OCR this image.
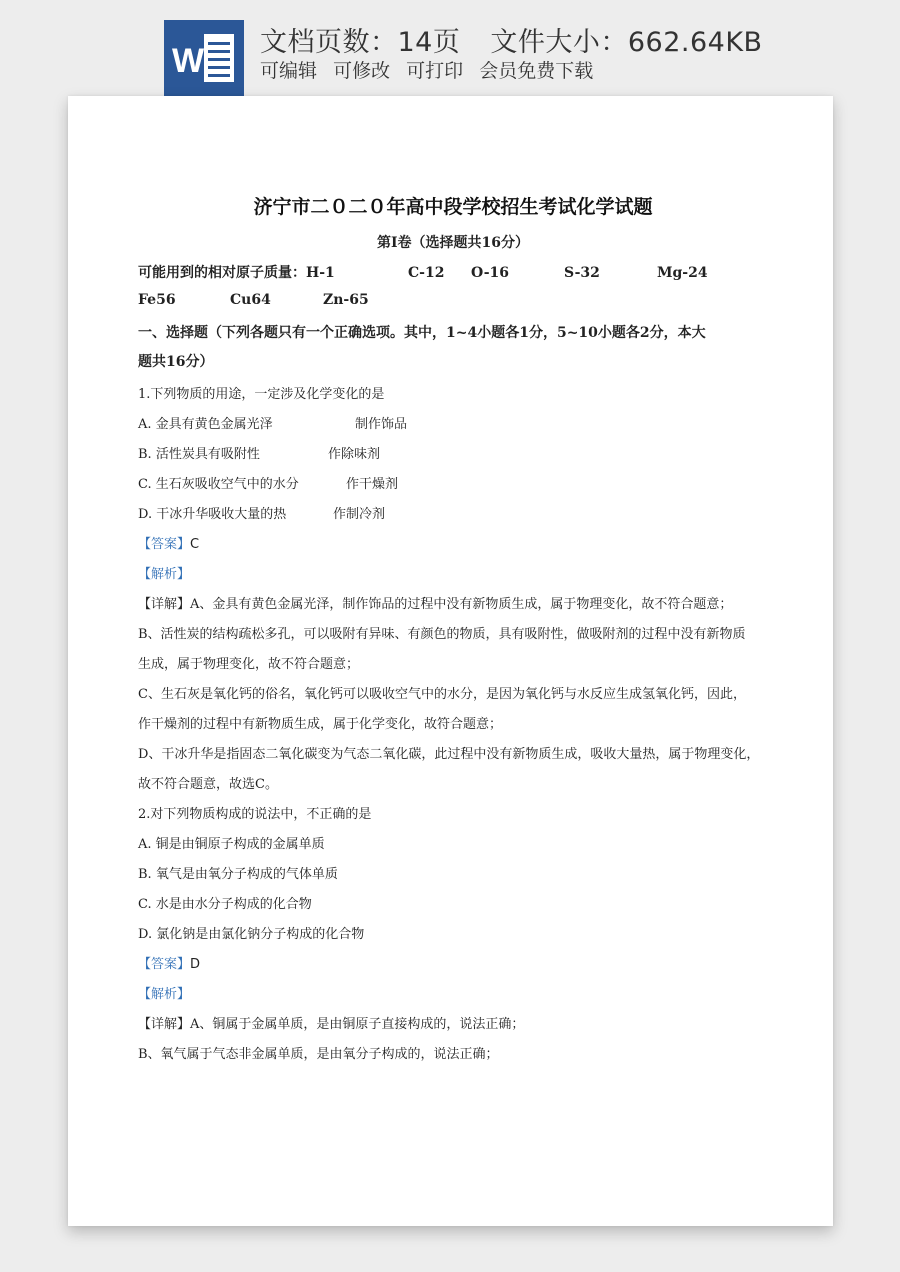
W 文档页数：14页 文件大小：662.64KB
可编辑 可修改 可打印 会员免费下载
济宁市二０二０年高中段学校招生考试化学试题
第Ⅰ卷（选择题共16分）
可能用到的相对原子质量：H-1	C-12 O-16	S-32	Mg-24
Fe56	Cu64	Zn-65
一、选择题（下列各题只有一个正确选项。其中，1~4小题各1分，5~10小题各2分，本大
题共16分）
1.下列物质的用途，一定涉及化学变化的是
A. 金具有黄色金属光泽	制作饰品
B. 活性炭具有吸附性	作除味剂
C. 生石灰吸收空气中的水分	作干燥剂
D. 干冰升华吸收大量的热	作制冷剂
【答案】C
【解析】
【详解】A、金具有黄色金属光泽，制作饰品的过程中没有新物质生成，属于物理变化，故不符合题意；
B、活性炭的结构疏松多孔，可以吸附有异味、有颜色的物质，具有吸附性，做吸附剂的过程中没有新物质
生成，属于物理变化，故不符合题意；
C、生石灰是氧化钙的俗名，氧化钙可以吸收空气中的水分，是因为氧化钙与水反应生成氢氧化钙，因此，
作干燥剂的过程中有新物质生成，属于化学变化，故符合题意；
D、干冰升华是指固态二氧化碳变为气态二氧化碳，此过程中没有新物质生成，吸收大量热，属于物理变化，
故不符合题意，故选C。
2.对下列物质构成的说法中，不正确的是
A. 铜是由铜原子构成的金属单质
B. 氧气是由氧分子构成的气体单质
C. 水是由水分子构成的化合物
D. 氯化钠是由氯化钠分子构成的化合物
【答案】D
【解析】
【详解】A、铜属于金属单质，是由铜原子直接构成的，说法正确；
B、氧气属于气态非金属单质，是由氧分子构成的，说法正确；
